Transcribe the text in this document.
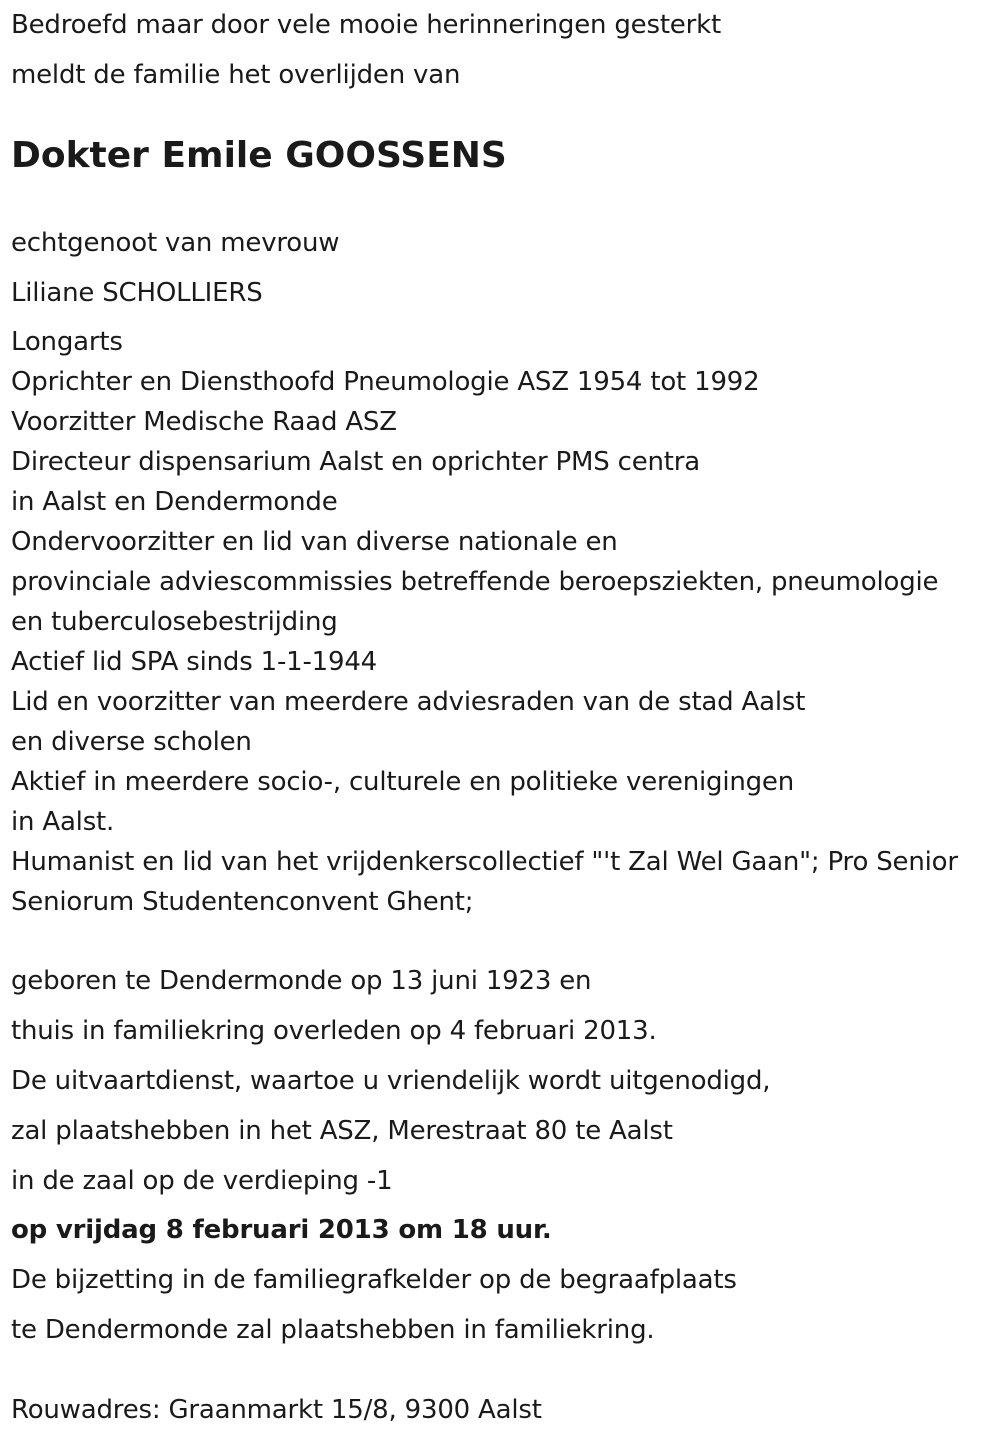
Bedroefd maar door vele mooie herinneringen gesterkt
meldt de familie het overlijden van
Dokter Emile GOOSSENS
echtgenoot van mevrouw
Liliane SCHOLLIERS
Longarts
Oprichter en Diensthoofd Pneumologie ASZ 1954 tot 1992
Voorzitter Medische Raad ASZ
Directeur dispensarium Aalst en oprichter PMS centra
in Aalst en Dendermonde
Ondervoorzitter en lid van diverse nationale en
provinciale adviescommissies betreffende beroepsziekten, pneumologie
en tuberculosebestrijding
Actief lid SPA sinds 1-1-1944
Lid en voorzitter van meerdere adviesraden van de stad Aalst
en diverse scholen
Aktief in meerdere socio-, culturele en politieke verenigingen
in Aalst.
Humanist en lid van het vrijdenkerscollectief "'t Zal Wel Gaan"; Pro Senior
Seniorum Studentenconvent Ghent;
geboren te Dendermonde op 13 juni 1923 en
thuis in familiekring overleden op 4 februari 2013.
De uitvaartdienst, waartoe u vriendelijk wordt uitgenodigd,
zal plaatshebben in het ASZ, Merestraat 80 te Aalst
in de zaal op de verdieping -1
op vrijdag 8 februari 2013 om 18 uur.
De bijzetting in de familiegrafkelder op de begraafplaats
te Dendermonde zal plaatshebben in familiekring.
Rouwadres: Graanmarkt 15/8, 9300 Aalst
